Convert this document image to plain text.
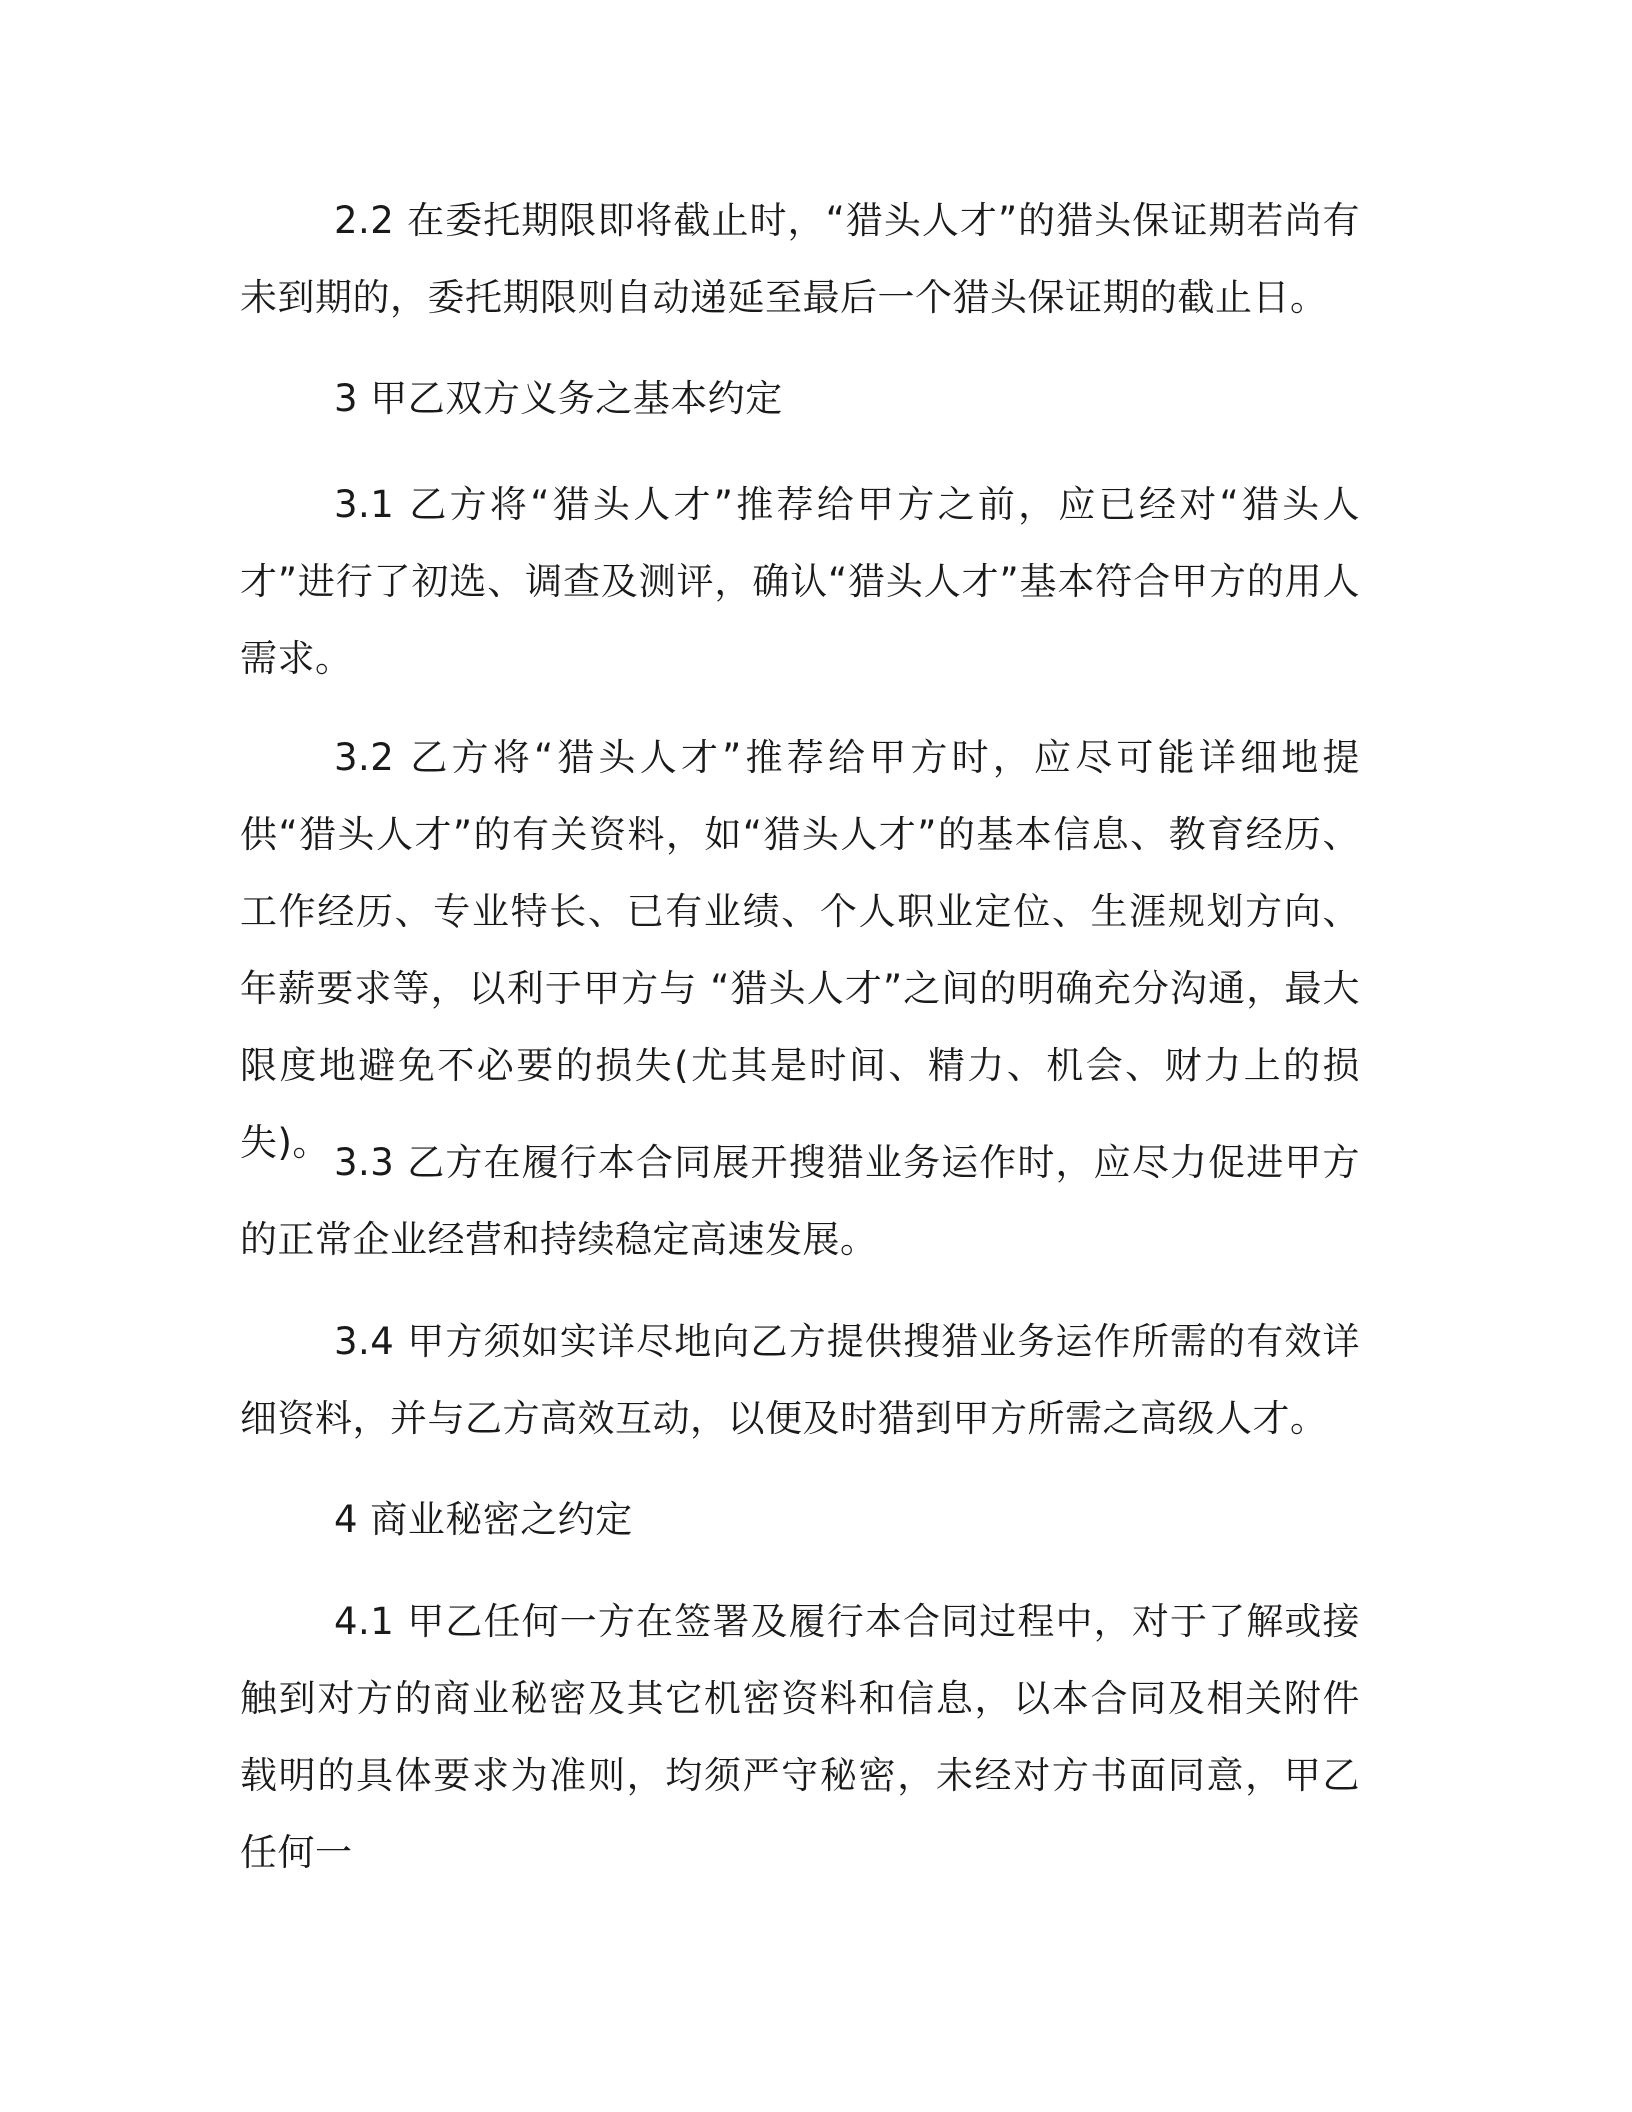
2.2 在委托期限即将截止时，“猎头人才”的猎头保证期若尚有未到期的，委托期限则自动递延至最后一个猎头保证期的截止日。

3 甲乙双方义务之基本约定

3.1 乙方将“猎头人才”推荐给甲方之前，应已经对“猎头人才”进行了初选、调查及测评，确认“猎头人才”基本符合甲方的用人需求。

3.2 乙方将“猎头人才”推荐给甲方时，应尽可能详细地提供“猎头人才”的有关资料，如“猎头人才”的基本信息、教育经历、工作经历、专业特长、已有业绩、个人职业定位、生涯规划方向、年薪要求等，以利于甲方与 “猎头人才”之间的明确充分沟通，最大限度地避免不必要的损失(尤其是时间、精力、机会、财力上的损失)。 3.3 乙方在履行本合同展开搜猎业务运作时，应尽力促进甲方的正常企业经营和持续稳定高速发展。

3.4 甲方须如实详尽地向乙方提供搜猎业务运作所需的有效详细资料，并与乙方高效互动，以便及时猎到甲方所需之高级人才。

4 商业秘密之约定

4.1 甲乙任何一方在签署及履行本合同过程中，对于了解或接触到对方的商业秘密及其它机密资料和信息，以本合同及相关附件载明的具体要求为准则，均须严守秘密，未经对方书面同意，甲乙任何一
